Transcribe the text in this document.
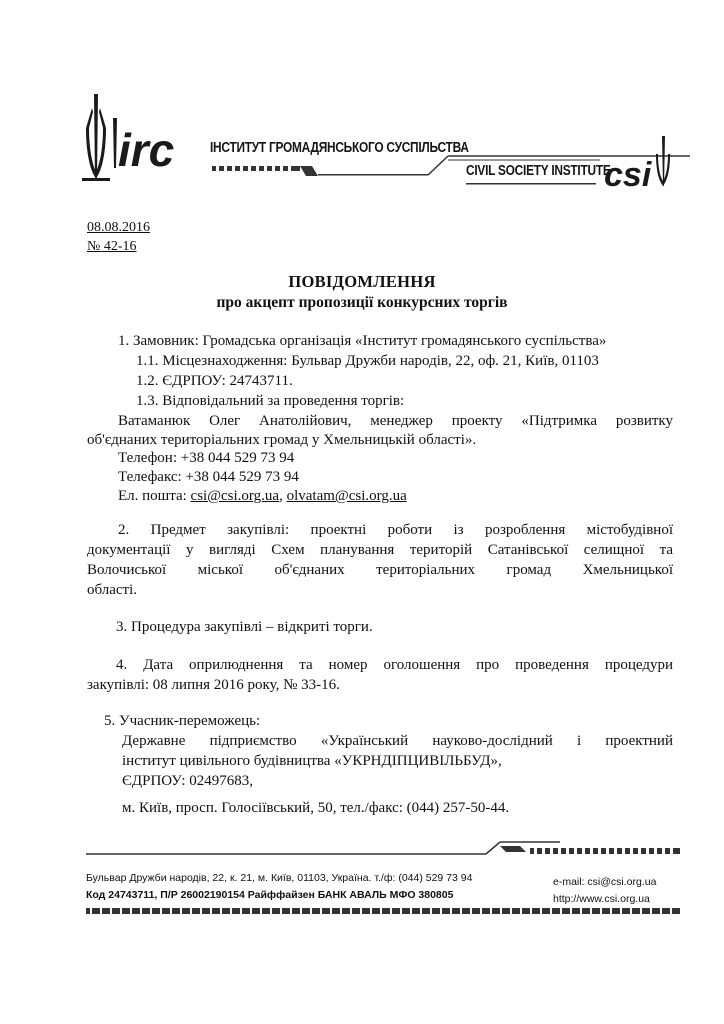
irc	csi
ІНСТИТУТ ГРОМАДЯНСЬКОГО СУСПІЛЬСТВА
CIVIL SOCIETY INSTITUTE
08.08.2016
№ 42-16
ПОВІДОМЛЕННЯ
про акцепт пропозиції конкурсних торгів
1. Замовник: Громадська організація «Інститут громадянського суспільства»
1.1. Місцезнаходження: Бульвар Дружби народів, 22, оф. 21, Київ, 01103
1.2. ЄДРПОУ: 24743711.
1.3. Відповідальний за проведення торгів:
Ватаманюк Олег Анатолійович, менеджер проекту «Підтримка розвитку
об'єднаних територіальних громад у Хмельницькій області».
Телефон: +38 044 529 73 94
Телефакс: +38 044 529 73 94
Ел. пошта: csi@csi.org.ua, olvatam@csi.org.ua
2. Предмет закупівлі: проектні роботи із розроблення містобудівної
документації у вигляді Схем планування територій Сатанівської селищної та
Волочиської міської об'єднаних територіальних громад Хмельницької
області.
3. Процедура закупівлі – відкриті торги.
4. Дата оприлюднення та номер оголошення про проведення процедури
закупівлі: 08 липня 2016 року, № 33-16.
5. Учасник-переможець:
Державне підприємство «Український науково-дослідний і проектний
інститут цивільного будівництва «УКРНДІПЦИВІЛЬБУД»,
ЄДРПОУ: 02497683,
м. Київ, просп. Голосіївський, 50, тел./факс: (044) 257-50-44.
Бульвар Дружби народів, 22, к. 21, м. Київ, 01103, Україна. т./ф: (044) 529 73 94
Код 24743711, П/Р 26002190154 Райффайзен БАНК АВАЛЬ МФО 380805
e-mail: csi@csi.org.ua
http://www.csi.org.ua
